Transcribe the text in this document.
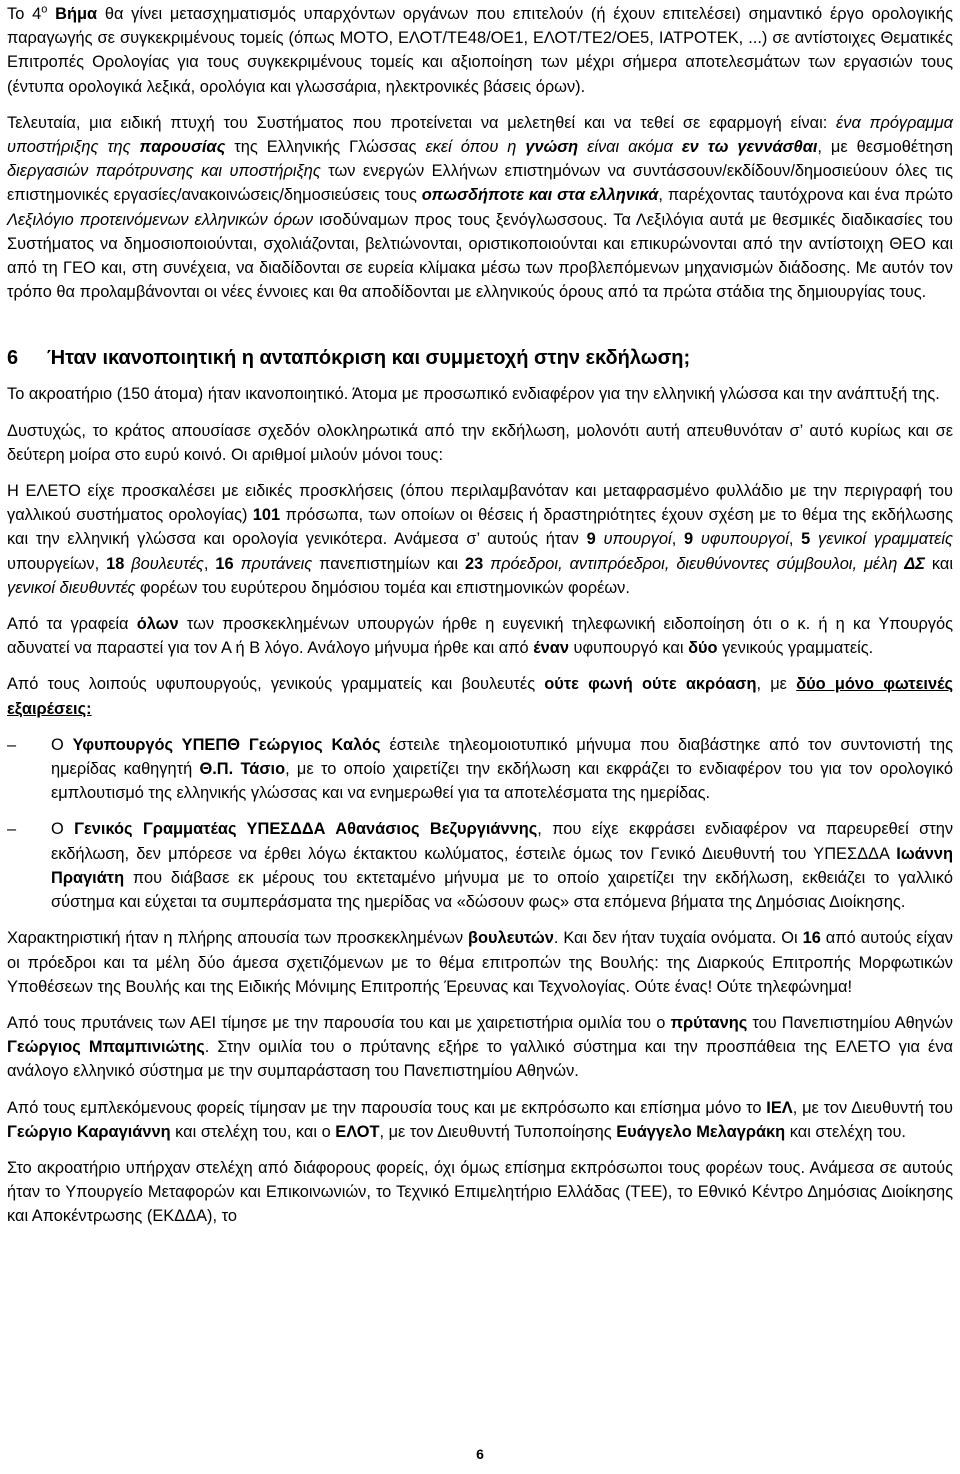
Το $4^o$ Βήμα θα γίνει μετασχηματισμός υπαρχόντων οργάνων που επιτελούν (ή έχουν επιτελέσει) σημαντικό έργο ορολογικής παραγωγής σε συγκεκριμένους τομείς (όπως ΜΟΤΟ, ΕΛΟΤ/ΤΕ48/ΟΕ1, ΕΛΟΤ/ΤΕ2/ΟΕ5, ΙΑΤΡΟΤΕΚ, ...) σε αντίστοιχες Θεματικές Επιτροπές Ορολογίας για τους συγκεκριμένους τομείς και αξιοποίηση των μέχρι σήμερα αποτελεσμάτων των εργασιών τους (έντυπα ορολογικά λεξικά, ορολόγια και γλωσσάρια, ηλεκτρονικές βάσεις όρων).

Τελευταία, μια ειδική πτυχή του Συστήματος που προτείνεται να μελετηθεί και να τεθεί σε εφαρμογή είναι: ένα πρόγραμμα υποστήριξης της παρουσίας της Ελληνικής Γλώσσας εκεί όπου η γνώση είναι ακόμα εν τω γεννάσθαι, με θεσμοθέτηση διεργασιών παρότρυνσης και υποστήριξης των ενεργών Ελλήνων επιστημόνων να συντάσσουν/εκδίδουν/δημοσιεύουν όλες τις επιστημονικές εργασίες/ανακοινώσεις/δημοσιεύσεις τους οπωσδήποτε και στα ελληνικά, παρέχοντας ταυτόχρονα και ένα πρώτο Λεξιλόγιο προτεινόμενων ελληνικών όρων ισοδύναμων προς τους ξενόγλωσσους. Τα Λεξιλόγια αυτά με θεσμικές διαδικασίες του Συστήματος να δημοσιοποιούνται, σχολιάζονται, βελτιώνονται, οριστικοποιούνται και επικυρώνονται από την αντίστοιχη ΘΕΟ και από τη ΓΕΟ και, στη συνέχεια, να διαδίδονται σε ευρεία κλίμακα μέσω των προβλεπόμενων μηχανισμών διάδοσης. Με αυτόν τον τρόπο θα προλαμβάνονται οι νέες έννοιες και θα αποδίδονται με ελληνικούς όρους από τα πρώτα στάδια της δημιουργίας τους.

6 Ήταν ικανοποιητική η ανταπόκριση και συμμετοχή στην εκδήλωση;

Το ακροατήριο (150 άτομα) ήταν ικανοποιητικό. Άτομα με προσωπικό ενδιαφέρον για την ελληνική γλώσσα και την ανάπτυξή της.

Δυστυχώς, το κράτος απουσίασε σχεδόν ολοκληρωτικά από την εκδήλωση, μολονότι αυτή απευθυνόταν σ’ αυτό κυρίως και σε δεύτερη μοίρα στο ευρύ κοινό. Οι αριθμοί μιλούν μόνοι τους:

Η ΕΛΕΤΟ είχε προσκαλέσει με ειδικές προσκλήσεις (όπου περιλαμβανόταν και μεταφρασμένο φυλλάδιο με την περιγραφή του γαλλικού συστήματος ορολογίας) 101 πρόσωπα, των οποίων οι θέσεις ή δραστηριότητες έχουν σχέση με το θέμα της εκδήλωσης και την ελληνική γλώσσα και ορολογία γενικότερα. Ανάμεσα σ’ αυτούς ήταν 9 υπουργοί, 9 υφυπουργοί, 5 γενικοί γραμματείς υπουργείων, 18 βουλευτές, 16 πρυτάνεις πανεπιστημίων και 23 πρόεδροι, αντιπρόεδροι, διευθύνοντες σύμβουλοι, μέλη ΔΣ και γενικοί διευθυντές φορέων του ευρύτερου δημόσιου τομέα και επιστημονικών φορέων.

Από τα γραφεία όλων των προσκεκλημένων υπουργών ήρθε η ευγενική τηλεφωνική ειδοποίηση ότι ο κ. ή η κα Υπουργός αδυνατεί να παραστεί για τον Α ή Β λόγο. Ανάλογο μήνυμα ήρθε και από έναν υφυπουργό και δύο γενικούς γραμματείς.

Από τους λοιπούς υφυπουργούς, γενικούς γραμματείς και βουλευτές ούτε φωνή ούτε ακρόαση, με δύο μόνο φωτεινές εξαιρέσεις:

– Ο Υφυπουργός ΥΠΕΠΘ Γεώργιος Καλός έστειλε τηλεομοιοτυπικό μήνυμα που διαβάστηκε από τον συντονιστή της ημερίδας καθηγητή Θ.Π. Τάσιο, με το οποίο χαιρετίζει την εκδήλωση και εκφράζει το ενδιαφέρον του για τον ορολογικό εμπλουτισμό της ελληνικής γλώσσας και να ενημερωθεί για τα αποτελέσματα της ημερίδας.

– Ο Γενικός Γραμματέας ΥΠΕΣΔΔΑ Αθανάσιος Βεζυργιάννης, που είχε εκφράσει ενδιαφέρον να παρευρεθεί στην εκδήλωση, δεν μπόρεσε να έρθει λόγω έκτακτου κωλύματος, έστειλε όμως τον Γενικό Διευθυντή του ΥΠΕΣΔΔΑ Ιωάννη Πραγιάτη που διάβασε εκ μέρους του εκτεταμένο μήνυμα με το οποίο χαιρετίζει την εκδήλωση, εκθειάζει το γαλλικό σύστημα και εύχεται τα συμπεράσματα της ημερίδας να «δώσουν φως» στα επόμενα βήματα της Δημόσιας Διοίκησης.

Χαρακτηριστική ήταν η πλήρης απουσία των προσκεκλημένων βουλευτών. Και δεν ήταν τυχαία ονόματα. Οι 16 από αυτούς είχαν οι πρόεδροι και τα μέλη δύο άμεσα σχετιζόμενων με το θέμα επιτροπών της Βουλής: της Διαρκούς Επιτροπής Μορφωτικών Υποθέσεων της Βουλής και της Ειδικής Μόνιμης Επιτροπής Έρευνας και Τεχνολογίας. Ούτε ένας! Ούτε τηλεφώνημα!

Από τους πρυτάνεις των ΑΕΙ τίμησε με την παρουσία του και με χαιρετιστήρια ομιλία του ο πρύτανης του Πανεπιστημίου Αθηνών Γεώργιος Μπαμπινιώτης. Στην ομιλία του ο πρύτανης εξήρε το γαλλικό σύστημα και την προσπάθεια της ΕΛΕΤΟ για ένα ανάλογο ελληνικό σύστημα με την συμπαράσταση του Πανεπιστημίου Αθηνών.

Από τους εμπλεκόμενους φορείς τίμησαν με την παρουσία τους και με εκπρόσωπο και επίσημα μόνο το ΙΕΛ, με τον Διευθυντή του Γεώργιο Καραγιάννη και στελέχη του, και ο ΕΛΟΤ, με τον Διευθυντή Τυποποίησης Ευάγγελο Μελαγράκη και στελέχη του.

Στο ακροατήριο υπήρχαν στελέχη από διάφορους φορείς, όχι όμως επίσημα εκπρόσωποι τους φορέων τους. Ανάμεσα σε αυτούς ήταν το Υπουργείο Μεταφορών και Επικοινωνιών, το Τεχνικό Επιμελητήριο Ελλάδας (ΤΕΕ), το Εθνικό Κέντρο Δημόσιας Διοίκησης και Αποκέντρωσης (ΕΚΔΔΑ), το

6
